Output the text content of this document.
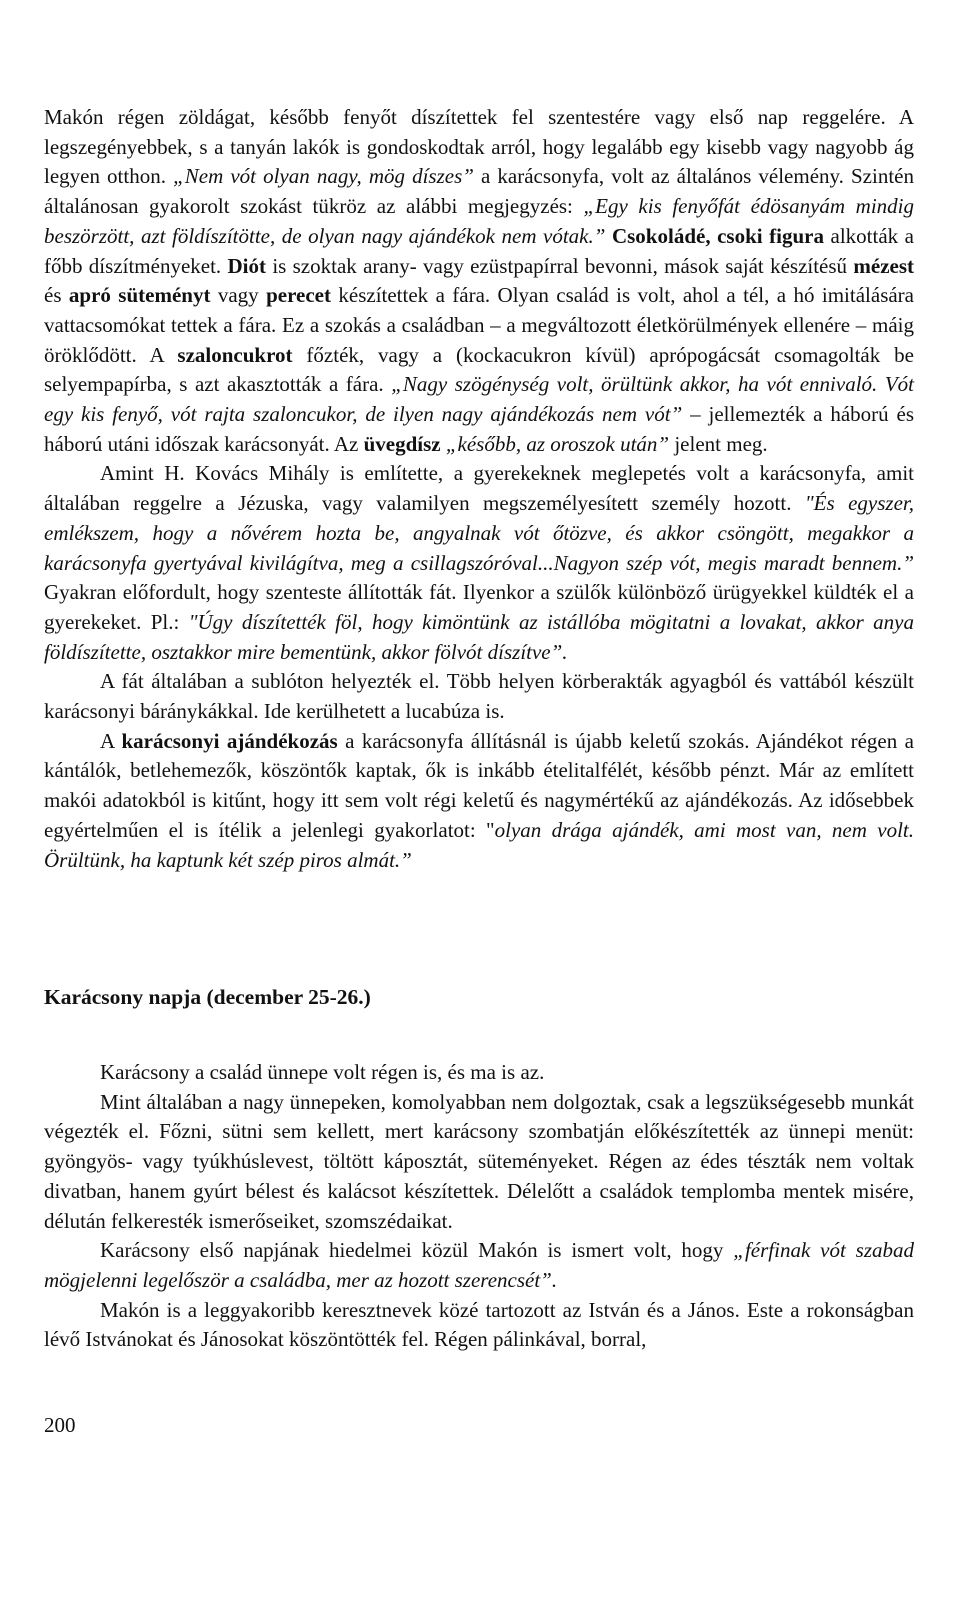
Makón régen zöldágat, később fenyőt díszítettek fel szentestére vagy első nap reggelére. A legszegényebbek, s a tanyán lakók is gondoskodtak arról, hogy legalább egy kisebb vagy nagyobb ág legyen otthon. „Nem vót olyan nagy, mög díszes” a karácsonyfa, volt az általános vélemény. Szintén általánosan gyakorolt szokást tükröz az alábbi megjegyzés: „Egy kis fenyőfát édösanyám mindig beszörzött, azt földíszítötte, de olyan nagy ajándékok nem vótak.” Csokoládé, csoki figura alkották a főbb díszítményeket. Diót is szoktak arany- vagy ezüstpapírral bevonni, mások saját készítésű mézest és apró süteményt vagy perecet készítettek a fára. Olyan család is volt, ahol a tél, a hó imitálására vattacsomókat tettek a fára. Ez a szokás a családban – a megváltozott életkörülmények ellenére – máig öröklődött. A szaloncukrot főzték, vagy a (kockacukron kívül) aprópogácsát csomagolták be selyempapírba, s azt akasztották a fára. „Nagy szögénység volt, örültünk akkor, ha vót ennivaló. Vót egy kis fenyő, vót rajta szaloncukor, de ilyen nagy ajándékozás nem vót” – jellemezték a háború és háború utáni időszak karácsonyát. Az üvegdísz „később, az oroszok után” jelent meg.

Amint H. Kovács Mihály is említette, a gyerekeknek meglepetés volt a karácsonyfa, amit általában reggelre a Jézuska, vagy valamilyen megszemélyesített személy hozott. "És egyszer, emlékszem, hogy a nővérem hozta be, angyalnak vót őtözve, és akkor csöngött, megakkor a karácsonyfa gyertyával kivilágítva, meg a csillagszóróval...Nagyon szép vót, megis maradt bennem.” Gyakran előfordult, hogy szenteste állították fát. Ilyenkor a szülők különböző ürügyekkel küldték el a gyerekeket. Pl.: "Úgy díszítették föl, hogy kimöntünk az istállóba mögitatni a lovakat, akkor anya földíszítette, osztakkor mire bementünk, akkor fölvót díszítve”.

A fát általában a sublóton helyezték el. Több helyen körberakták agyagból és vattából készült karácsonyi báránykákkal. Ide kerülhetett a lucabúza is.

A karácsonyi ajándékozás a karácsonyfa állításnál is újabb keletű szokás. Ajándékot régen a kántálók, betlehemezők, köszöntők kaptak, ők is inkább ételitalfélét, később pénzt. Már az említett makói adatokból is kitűnt, hogy itt sem volt régi keletű és nagymértékű az ajándékozás. Az idősebbek egyértelműen el is ítélik a jelenlegi gyakorlatot: "olyan drága ajándék, ami most van, nem volt. Örültünk, ha kaptunk két szép piros almát.”

Karácsony napja (december 25-26.)

Karácsony a család ünnepe volt régen is, és ma is az.

Mint általában a nagy ünnepeken, komolyabban nem dolgoztak, csak a legszükségesebb munkát végezték el. Főzni, sütni sem kellett, mert karácsony szombatján előkészítették az ünnepi menüt: gyöngyös- vagy tyúkhúslevest, töltött káposztát, süteményeket. Régen az édes tészták nem voltak divatban, hanem gyúrt bélest és kalácsot készítettek. Délelőtt a családok templomba mentek misére, délután felkeresték ismerőseiket, szomszédaikat.

Karácsony első napjának hiedelmei közül Makón is ismert volt, hogy „férfinak vót szabad mögjelenni legelőször a családba, mer az hozott szerencsét”.

Makón is a leggyakoribb keresztnevek közé tartozott az István és a János. Este a rokonságban lévő Istvánokat és Jánosokat köszöntötték fel. Régen pálinkával, borral,

200
